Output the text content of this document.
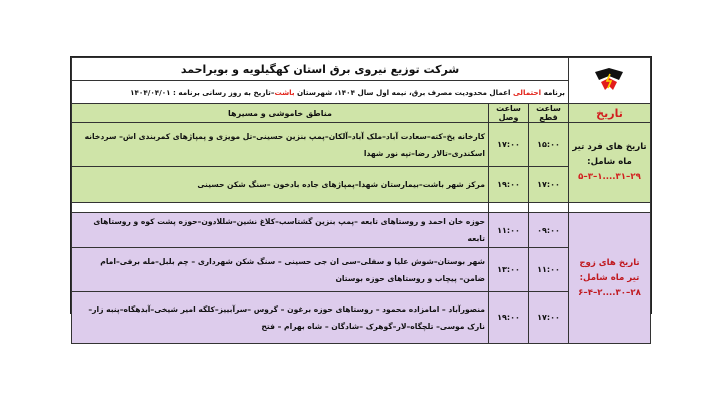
	شرکت توزیع نیروی برق استان کهگیلویه و بویراحمد		
	برنامه احتمالی اعمال محدودیت مصرف برق، نیمه اول سال ۱۴۰۴، شهرستان باشت–تاریخ به روز رسانی برنامه : ۱۴۰۴/۰۴/۰۱		
تاریخ	ساعت قطع	ساعت وصل	مناطق خاموشی و مسیرها

تاریخ های فرد تیر ماه شامل:
۵–۳–۱....۳۱–۲۹	۱۵:۰۰	۱۷:۰۰	کارخانه یخ–کته–سعادت آباد–ملک آباد–آلکان–پمپ بنزین حسینی–تل مویزی و پمپاژهای کمربندی اش– سردخانه اسکندری–تالار رضا–تپه نور شهدا
	۱۷:۰۰	۱۹:۰۰	مرکز شهر باشت–بیمارستان شهدا–پمپاژهای جاده بادخون –سنگ شکن حسینی

تاریخ های زوج تیر ماه شامل:
۶–۴–۲....۳۰–۲۸	۰۹:۰۰	۱۱:۰۰	حوزه خان احمد و روستاهای تابعه –پمپ بنزین گشتاسب–کلاغ نشین–شللادون–حوزه پشت کوه و روستاهای تابعه
	۱۱:۰۰	۱۳:۰۰	شهر بوستان–شوش علیا و سفلی–سی ان جی حسینی – سنگ شکن شهرداری – چم بلبل–مله برفی–امام ضامن– پیچاب و روستاهای حوزه بوستان
	۱۷:۰۰	۱۹:۰۰	منصورآباد – امامزاده محمود – روستاهای حوزه برغون – گروس –سرآبییز–کلگه امیر شیخی–آبدهگاه–پنبه زار– نارک موسی– تلچگاه–لار–گوهرک –شادگان – شاه بهرام – فتح
